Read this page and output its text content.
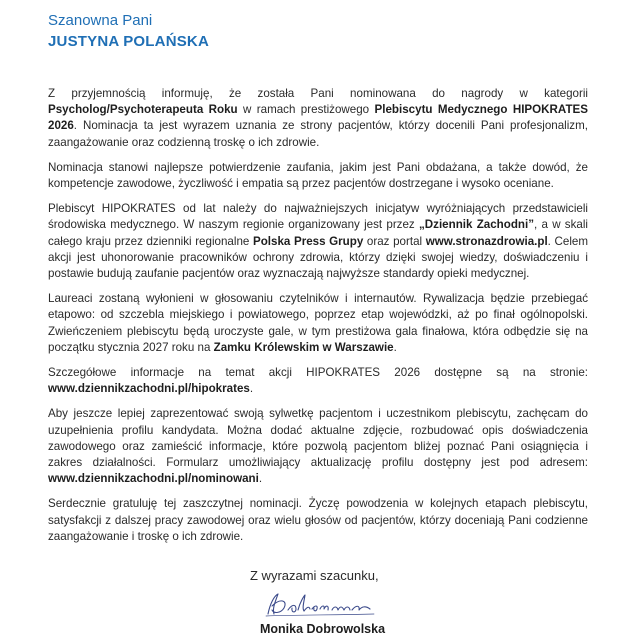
Szanowna Pani
JUSTYNA POLAŃSKA

Z przyjemnością informuję, że została Pani nominowana do nagrody w kategorii Psycholog/Psychoterapeuta Roku w ramach prestiżowego Plebiscytu Medycznego HIPOKRATES 2026. Nominacja ta jest wyrazem uznania ze strony pacjentów, którzy docenili Pani profesjonalizm, zaangażowanie oraz codzienną troskę o ich zdrowie.

Nominacja stanowi najlepsze potwierdzenie zaufania, jakim jest Pani obdażana, a także dowód, że kompetencje zawodowe, życzliwość i empatia są przez pacjentów dostrzegane i wysoko oceniane.

Plebiscyt HIPOKRATES od lat należy do najważniejszych inicjatyw wyróżniających przedstawicieli środowiska medycznego. W naszym regionie organizowany jest przez „Dziennik Zachodni”, a w skali całego kraju przez dzienniki regionalne Polska Press Grupy oraz portal www.stronazdrowia.pl. Celem akcji jest uhonorowanie pracowników ochrony zdrowia, którzy dzięki swojej wiedzy, doświadczeniu i postawie budują zaufanie pacjentów oraz wyznaczają najwyższe standardy opieki medycznej.

Laureaci zostaną wyłonieni w głosowaniu czytelników i internautów. Rywalizacja będzie przebiegać etapowo: od szczebla miejskiego i powiatowego, poprzez etap wojewódzki, aż po finał ogólnopolski. Zwieńczeniem plebiscytu będą uroczyste gale, w tym prestiżowa gala finałowa, która odbędzie się na początku stycznia 2027 roku na Zamku Królewskim w Warszawie.

Szczegółowe informacje na temat akcji HIPOKRATES 2026 dostępne są na stronie: www.dziennikzachodni.pl/hipokrates.

Aby jeszcze lepiej zaprezentować swoją sylwetkę pacjentom i uczestnikom plebiscytu, zachęcam do uzupełnienia profilu kandydata. Można dodać aktualne zdjęcie, rozbudować opis doświadczenia zawodowego oraz zamieścić informacje, które pozwolą pacjentom bliżej poznać Pani osiągnięcia i zakres działalności. Formularz umożliwiający aktualizację profilu dostępny jest pod adresem: www.dziennikzachodni.pl/nominowani.

Serdecznie gratuluję tej zaszczytnej nominacji. Życzę powodzenia w kolejnych etapach plebiscytu, satysfakcji z dalszej pracy zawodowej oraz wielu głosów od pacjentów, którzy doceniają Pani codzienne zaangażowanie i troskę o ich zdrowie.

Z wyrazami szacunku,
Monika Dobrowolska
